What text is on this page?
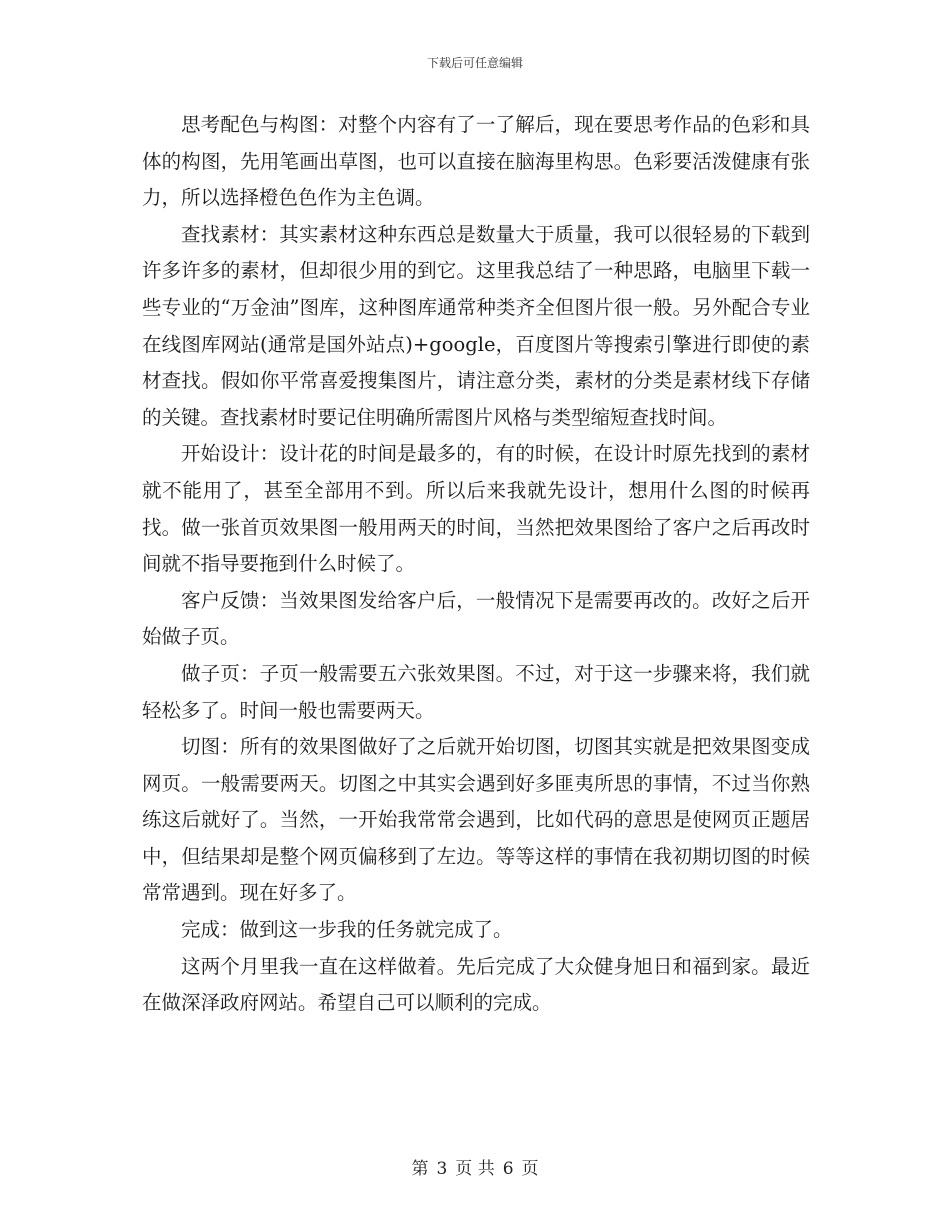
下载后可任意编辑

思考配色与构图：对整个内容有了一了解后，现在要思考作品的色彩和具体的构图，先用笔画出草图，也可以直接在脑海里构思。色彩要活泼健康有张力，所以选择橙色色作为主色调。

查找素材：其实素材这种东西总是数量大于质量，我可以很轻易的下载到许多许多的素材，但却很少用的到它。这里我总结了一种思路，电脑里下载一些专业的“万金油”图库，这种图库通常种类齐全但图片很一般。另外配合专业在线图库网站(通常是国外站点)+google，百度图片等搜索引擎进行即使的素材查找。假如你平常喜爱搜集图片，请注意分类，素材的分类是素材线下存储的关键。查找素材时要记住明确所需图片风格与类型缩短查找时间。

开始设计：设计花的时间是最多的，有的时候，在设计时原先找到的素材就不能用了，甚至全部用不到。所以后来我就先设计，想用什么图的时候再找。做一张首页效果图一般用两天的时间，当然把效果图给了客户之后再改时间就不指导要拖到什么时候了。

客户反馈：当效果图发给客户后，一般情况下是需要再改的。改好之后开始做子页。

做子页：子页一般需要五六张效果图。不过，对于这一步骤来将，我们就轻松多了。时间一般也需要两天。

切图：所有的效果图做好了之后就开始切图，切图其实就是把效果图变成网页。一般需要两天。切图之中其实会遇到好多匪夷所思的事情，不过当你熟练这后就好了。当然，一开始我常常会遇到，比如代码的意思是使网页正题居中，但结果却是整个网页偏移到了左边。等等这样的事情在我初期切图的时候常常遇到。现在好多了。

完成：做到这一步我的任务就完成了。

这两个月里我一直在这样做着。先后完成了大众健身旭日和福到家。最近在做深泽政府网站。希望自己可以顺利的完成。

第 3 页 共 6 页
